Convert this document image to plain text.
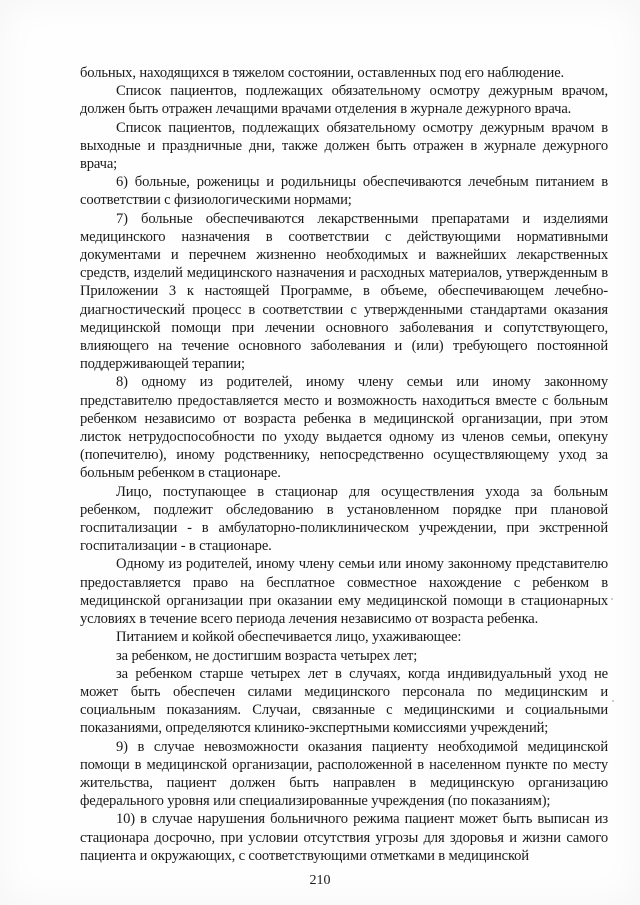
больных, находящихся в тяжелом состоянии, оставленных под его наблюдение.

Список пациентов, подлежащих обязательному осмотру дежурным врачом, должен быть отражен лечащими врачами отделения в журнале дежурного врача.

Список пациентов, подлежащих обязательному осмотру дежурным врачом в выходные и праздничные дни, также должен быть отражен в журнале дежурного врача;

6) больные, роженицы и родильницы обеспечиваются лечебным питанием в соответствии с физиологическими нормами;

7) больные обеспечиваются лекарственными препаратами и изделиями медицинского назначения в соответствии с действующими нормативными документами и перечнем жизненно необходимых и важнейших лекарственных средств, изделий медицинского назначения и расходных материалов, утвержденным в Приложении 3 к настоящей Программе, в объеме, обеспечивающем лечебно-диагностический процесс в соответствии с утвержденными стандартами оказания медицинской помощи при лечении основного заболевания и сопутствующего, влияющего на течение основного заболевания и (или) требующего постоянной поддерживающей терапии;

8) одному из родителей, иному члену семьи или иному законному представителю предоставляется место и возможность находиться вместе с больным ребенком независимо от возраста ребенка в медицинской организации, при этом листок нетрудоспособности по уходу выдается одному из членов семьи, опекуну (попечителю), иному родственнику, непосредственно осуществляющему уход за больным ребенком в стационаре.

Лицо, поступающее в стационар для осуществления ухода за больным ребенком, подлежит обследованию в установленном порядке при плановой госпитализации - в амбулаторно-поликлиническом учреждении, при экстренной госпитализации - в стационаре.

Одному из родителей, иному члену семьи или иному законному представителю предоставляется право на бесплатное совместное нахождение с ребенком в медицинской организации при оказании ему медицинской помощи в стационарных условиях в течение всего периода лечения независимо от возраста ребенка.

Питанием и койкой обеспечивается лицо, ухаживающее:

за ребенком, не достигшим возраста четырех лет;

за ребенком старше четырех лет в случаях, когда индивидуальный уход не может быть обеспечен силами медицинского персонала по медицинским и социальным показаниям. Случаи, связанные с медицинскими и социальными показаниями, определяются клинико-экспертными комиссиями учреждений;

9) в случае невозможности оказания пациенту необходимой медицинской помощи в медицинской организации, расположенной в населенном пункте по месту жительства, пациент должен быть направлен в медицинскую организацию федерального уровня или специализированные учреждения (по показаниям);

10) в случае нарушения больничного режима пациент может быть выписан из стационара досрочно, при условии отсутствия угрозы для здоровья и жизни самого пациента и окружающих, с соответствующими отметками в медицинской

210
